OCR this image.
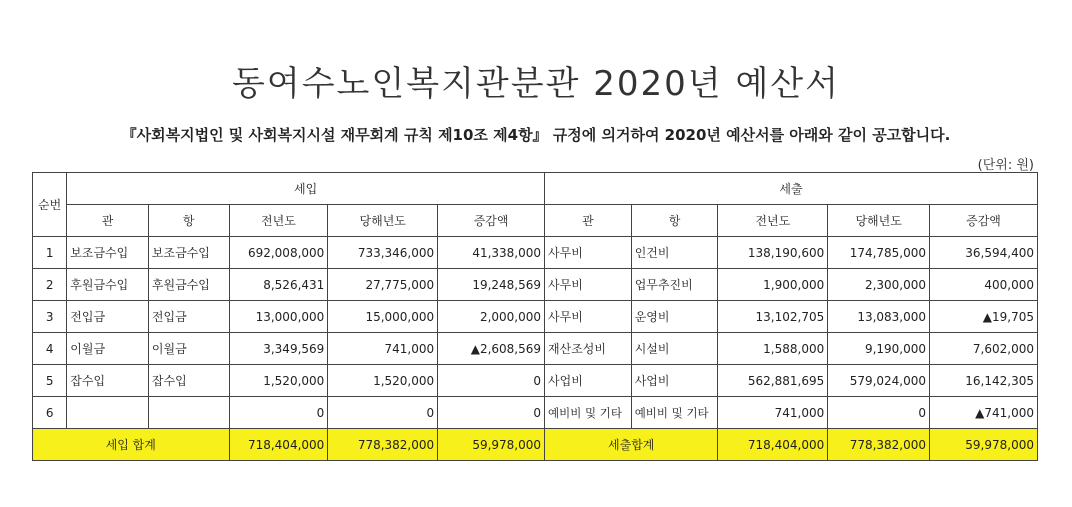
동여수노인복지관분관 2020년 예산서
『사회복지법인 및 사회복지시설 재무회계 규칙 제10조 제4항』 규정에 의거하여 2020년 예산서를 아래와 같이 공고합니다.
(단위: 원)
순번	세입					세출				
	관	항	전년도	당해년도	증감액	관	항	전년도	당해년도	증감액
1	보조금수입	보조금수입	692,008,000	733,346,000	41,338,000	사무비	인건비	138,190,600	174,785,000	36,594,400
2	후원금수입	후원금수입	8,526,431	27,775,000	19,248,569	사무비	업무추진비	1,900,000	2,300,000	400,000
3	전입금	전입금	13,000,000	15,000,000	2,000,000	사무비	운영비	13,102,705	13,083,000	▲19,705
4	이월금	이월금	3,349,569	741,000	▲2,608,569	재산조성비	시설비	1,588,000	9,190,000	7,602,000
5	잡수입	잡수입	1,520,000	1,520,000	0	사업비	사업비	562,881,695	579,024,000	16,142,305
6			0	0	0	예비비 및 기타	예비비 및 기타	741,000	0	▲741,000
세입 합계			718,404,000	778,382,000	59,978,000	세출합계		718,404,000	778,382,000	59,978,000
